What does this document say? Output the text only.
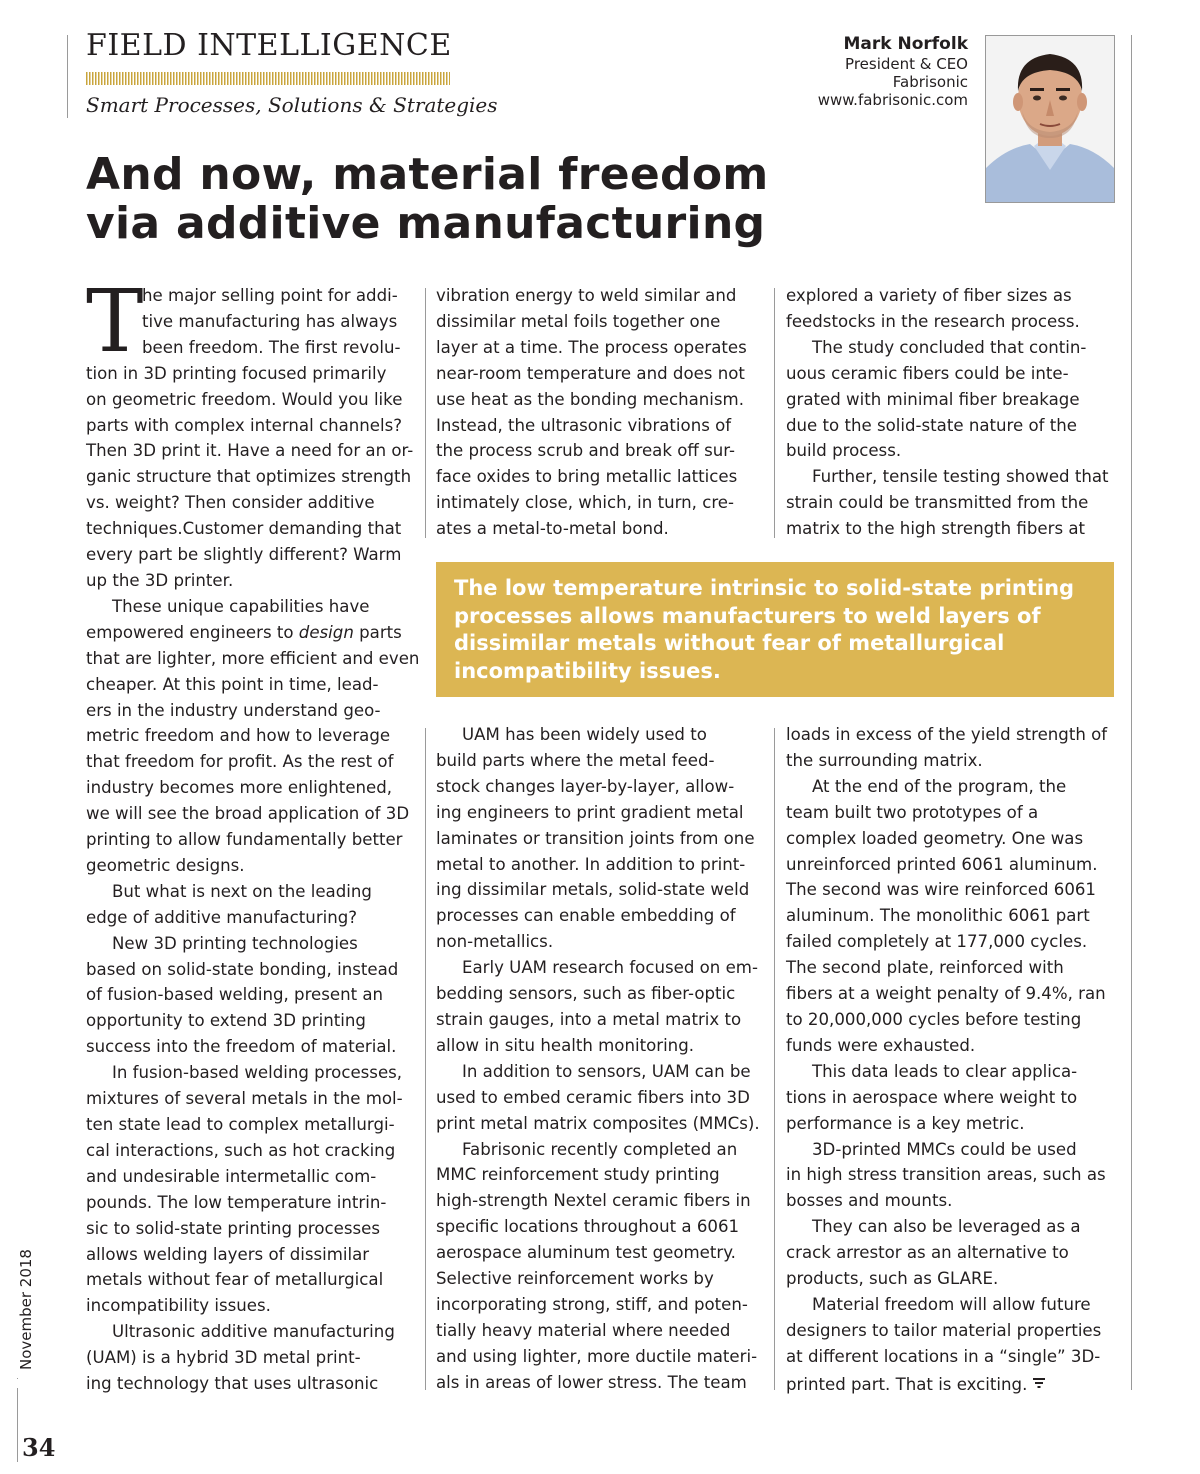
FIELD INTELLIGENCE
Smart Processes, Solutions & Strategies
Mark Norfolk
President & CEO
Fabrisonic
www.fabrisonic.com
And now, material freedom
via additive manufacturing
T

he major selling point for addi-

tive manufacturing has always

been freedom. The first revolu-

tion in 3D printing focused primarily

on geometric freedom. Would you like

parts with complex internal channels?

Then 3D print it. Have a need for an or-

ganic structure that optimizes strength

vs. weight? Then consider additive

techniques.Customer demanding that

every part be slightly different? Warm

up the 3D printer.

These unique capabilities have

empowered engineers to design parts

that are lighter, more efficient and even

cheaper. At this point in time, lead-

ers in the industry understand geo-

metric freedom and how to leverage

that freedom for profit. As the rest of

industry becomes more enlightened,

we will see the broad application of 3D

printing to allow fundamentally better

geometric designs.

But what is next on the leading

edge of additive manufacturing?

New 3D printing technologies

based on solid-state bonding, instead

of fusion-based welding, present an

opportunity to extend 3D printing

success into the freedom of material.

In fusion-based welding processes,

mixtures of several metals in the mol-

ten state lead to complex metallurgi-

cal interactions, such as hot cracking

and undesirable intermetallic com-

pounds. The low temperature intrin-

sic to solid-state printing processes

allows welding layers of dissimilar

metals without fear of metallurgical

incompatibility issues.

Ultrasonic additive manufacturing

(UAM) is a hybrid 3D metal print-

ing technology that uses ultrasonic

vibration energy to weld similar and

dissimilar metal foils together one

layer at a time. The process operates

near-room temperature and does not

use heat as the bonding mechanism.

Instead, the ultrasonic vibrations of

the process scrub and break off sur-

face oxides to bring metallic lattices

intimately close, which, in turn, cre-

ates a metal-to-metal bond.

explored a variety of fiber sizes as

feedstocks in the research process.

The study concluded that contin-

uous ceramic fibers could be inte-

grated with minimal fiber breakage

due to the solid-state nature of the

build process.

Further, tensile testing showed that

strain could be transmitted from the

matrix to the high strength fibers at

The low temperature intrinsic to solid-state printing
processes allows manufacturers to weld layers of
dissimilar metals without fear of metallurgical
incompatibility issues.

UAM has been widely used to

build parts where the metal feed-

stock changes layer-by-layer, allow-

ing engineers to print gradient metal

laminates or transition joints from one

metal to another. In addition to print-

ing dissimilar metals, solid-state weld

processes can enable embedding of

non-metallics.

Early UAM research focused on em-

bedding sensors, such as fiber-optic

strain gauges, into a metal matrix to

allow in situ health monitoring.

In addition to sensors, UAM can be

used to embed ceramic fibers into 3D

print metal matrix composites (MMCs).

Fabrisonic recently completed an

MMC reinforcement study printing

high-strength Nextel ceramic fibers in

specific locations throughout a 6061

aerospace aluminum test geometry.

Selective reinforcement works by

incorporating strong, stiff, and poten-

tially heavy material where needed

and using lighter, more ductile materi-

als in areas of lower stress. The team

loads in excess of the yield strength of

the surrounding matrix.

At the end of the program, the

team built two prototypes of a

complex loaded geometry. One was

unreinforced printed 6061 aluminum.

The second was wire reinforced 6061

aluminum. The monolithic 6061 part

failed completely at 177,000 cycles.

The second plate, reinforced with

fibers at a weight penalty of 9.4%, ran

to 20,000,000 cycles before testing

funds were exhausted.

This data leads to clear applica-

tions in aerospace where weight to

performance is a key metric.

3D-printed MMCs could be used

in high stress transition areas, such as

bosses and mounts.

They can also be leveraged as a

crack arrestor as an alternative to

products, such as GLARE.

Material freedom will allow future

designers to tailor material properties

at different locations in a “single” 3D-

printed part. That is exciting.

November 2018
34
